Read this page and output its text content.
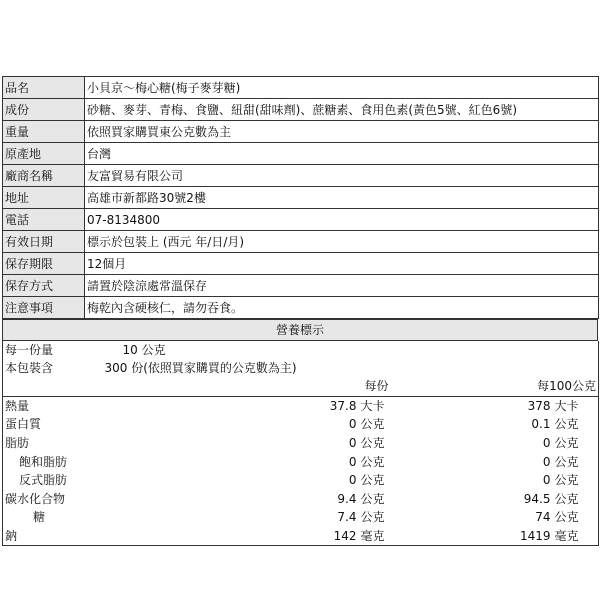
品名	小貝京～梅心糖(梅子麥芽糖)
成份	砂糖、麥芽、青梅、食鹽、紐甜(甜味劑)、蔗糖素、食用色素(黃色5號、紅色6號)
重量	依照買家購買東公克數為主
原產地	台灣
廠商名稱	友富貿易有限公司
地址	高雄市新都路30號2樓
電話	07-8134800
有效日期	標示於包裝上 (西元 年/日/月)
保存期限	12個月
保存方式	請置於陰涼處常溫保存
注意事項	梅乾內含硬核仁，請勿吞食。
營養標示
每一份量	10 公克			
本包裝含	300 份(依照買家購買的公克數為主)			
	每份		每100公克	
熱量	37.8	大卡	378	大卡
蛋白質	0	公克	0.1	公克
脂肪	0	公克	0	公克
飽和脂肪	0	公克	0	公克
反式脂肪	0	公克	0	公克
碳水化合物	9.4	公克	94.5	公克
糖	7.4	公克	74	公克
鈉	142	毫克	1419	毫克
